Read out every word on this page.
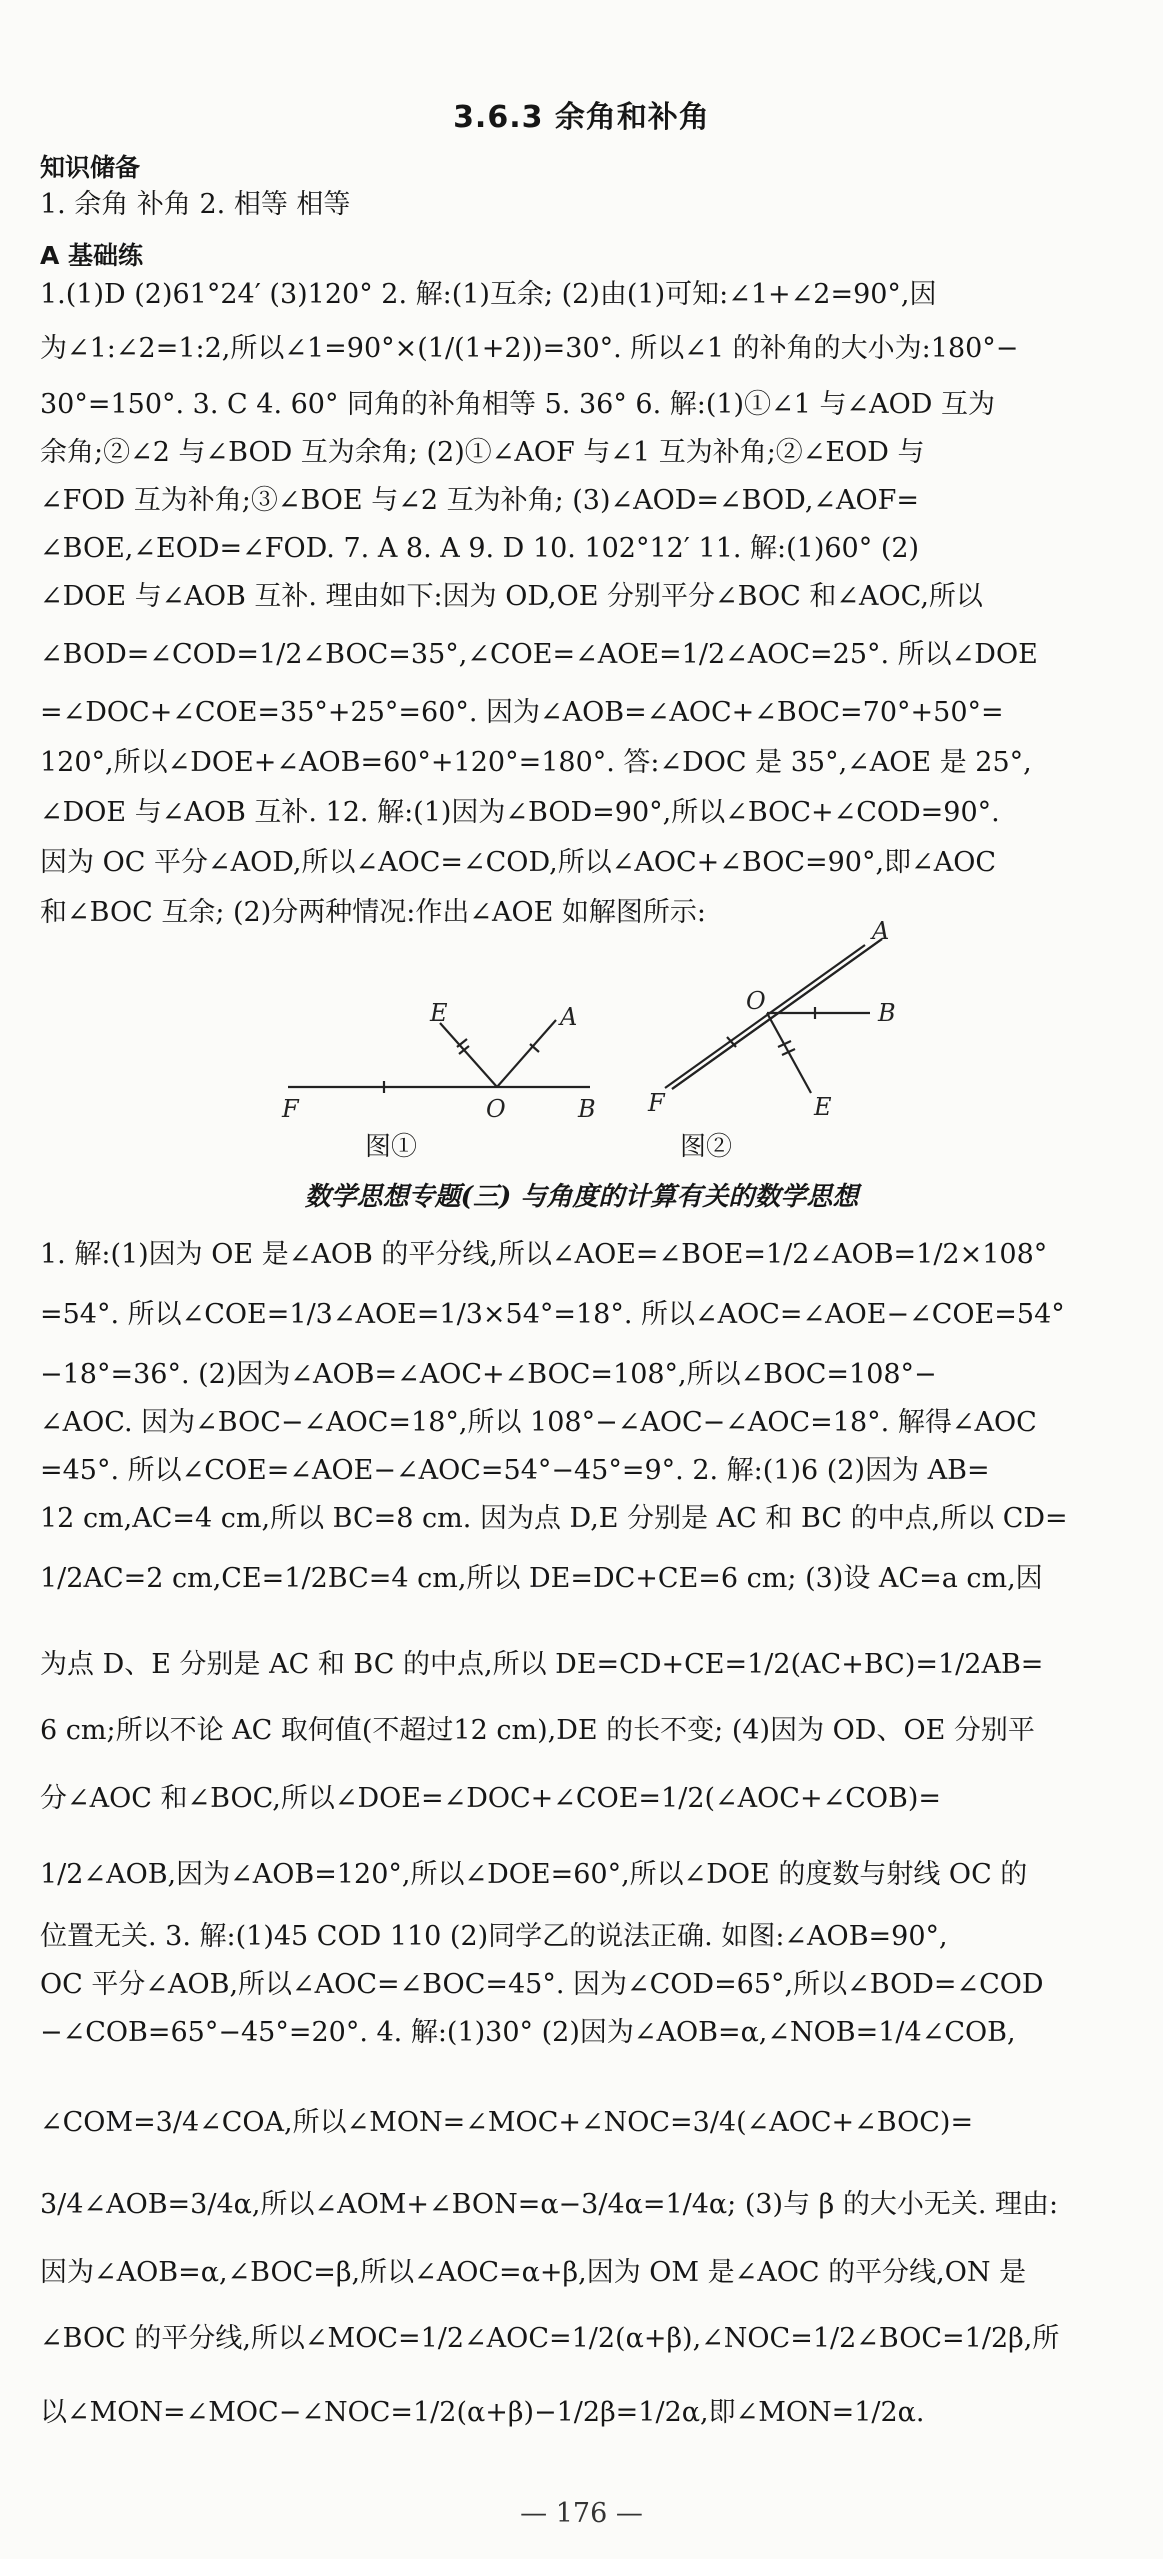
3.6.3 余角和补角
知识储备
1. 余角 补角 2. 相等 相等
A 基础练
1.(1)D (2)61°24′ (3)120° 2. 解:(1)互余; (2)由(1)可知:∠1+∠2=90°,因
为∠1:∠2=1:2,所以∠1=90°×(1/(1+2))=30°. 所以∠1 的补角的大小为:180°−
30°=150°. 3. C 4. 60° 同角的补角相等 5. 36° 6. 解:(1)①∠1 与∠AOD 互为
余角;②∠2 与∠BOD 互为余角; (2)①∠AOF 与∠1 互为补角;②∠EOD 与
∠FOD 互为补角;③∠BOE 与∠2 互为补角; (3)∠AOD=∠BOD,∠AOF=
∠BOE,∠EOD=∠FOD. 7. A 8. A 9. D 10. 102°12′ 11. 解:(1)60° (2)
∠DOE 与∠AOB 互补. 理由如下:因为 OD,OE 分别平分∠BOC 和∠AOC,所以
∠BOD=∠COD=1/2∠BOC=35°,∠COE=∠AOE=1/2∠AOC=25°. 所以∠DOE
=∠DOC+∠COE=35°+25°=60°. 因为∠AOB=∠AOC+∠BOC=70°+50°=
120°,所以∠DOE+∠AOB=60°+120°=180°. 答:∠DOC 是 35°,∠AOE 是 25°,
∠DOE 与∠AOB 互补. 12. 解:(1)因为∠BOD=90°,所以∠BOC+∠COD=90°.
因为 OC 平分∠AOD,所以∠AOC=∠COD,所以∠AOC+∠BOC=90°,即∠AOC
和∠BOC 互余; (2)分两种情况:作出∠AOE 如解图所示:
E	A
F	O	B
A
O	B
F	E
图①	图②
数学思想专题(三) 与角度的计算有关的数学思想
1. 解:(1)因为 OE 是∠AOB 的平分线,所以∠AOE=∠BOE=1/2∠AOB=1/2×108°
=54°. 所以∠COE=1/3∠AOE=1/3×54°=18°. 所以∠AOC=∠AOE−∠COE=54°
−18°=36°. (2)因为∠AOB=∠AOC+∠BOC=108°,所以∠BOC=108°−
∠AOC. 因为∠BOC−∠AOC=18°,所以 108°−∠AOC−∠AOC=18°. 解得∠AOC
=45°. 所以∠COE=∠AOE−∠AOC=54°−45°=9°. 2. 解:(1)6 (2)因为 AB=
12 cm,AC=4 cm,所以 BC=8 cm. 因为点 D,E 分别是 AC 和 BC 的中点,所以 CD=
1/2AC=2 cm,CE=1/2BC=4 cm,所以 DE=DC+CE=6 cm; (3)设 AC=a cm,因
为点 D、E 分别是 AC 和 BC 的中点,所以 DE=CD+CE=1/2(AC+BC)=1/2AB=
6 cm;所以不论 AC 取何值(不超过12 cm),DE 的长不变; (4)因为 OD、OE 分别平
分∠AOC 和∠BOC,所以∠DOE=∠DOC+∠COE=1/2(∠AOC+∠COB)=
1/2∠AOB,因为∠AOB=120°,所以∠DOE=60°,所以∠DOE 的度数与射线 OC 的
位置无关. 3. 解:(1)45 COD 110 (2)同学乙的说法正确. 如图:∠AOB=90°,
OC 平分∠AOB,所以∠AOC=∠BOC=45°. 因为∠COD=65°,所以∠BOD=∠COD
−∠COB=65°−45°=20°. 4. 解:(1)30° (2)因为∠AOB=α,∠NOB=1/4∠COB,
∠COM=3/4∠COA,所以∠MON=∠MOC+∠NOC=3/4(∠AOC+∠BOC)=
3/4∠AOB=3/4α,所以∠AOM+∠BON=α−3/4α=1/4α; (3)与 β 的大小无关. 理由:
因为∠AOB=α,∠BOC=β,所以∠AOC=α+β,因为 OM 是∠AOC 的平分线,ON 是
∠BOC 的平分线,所以∠MOC=1/2∠AOC=1/2(α+β),∠NOC=1/2∠BOC=1/2β,所
以∠MON=∠MOC−∠NOC=1/2(α+β)−1/2β=1/2α,即∠MON=1/2α.
— 176 —
